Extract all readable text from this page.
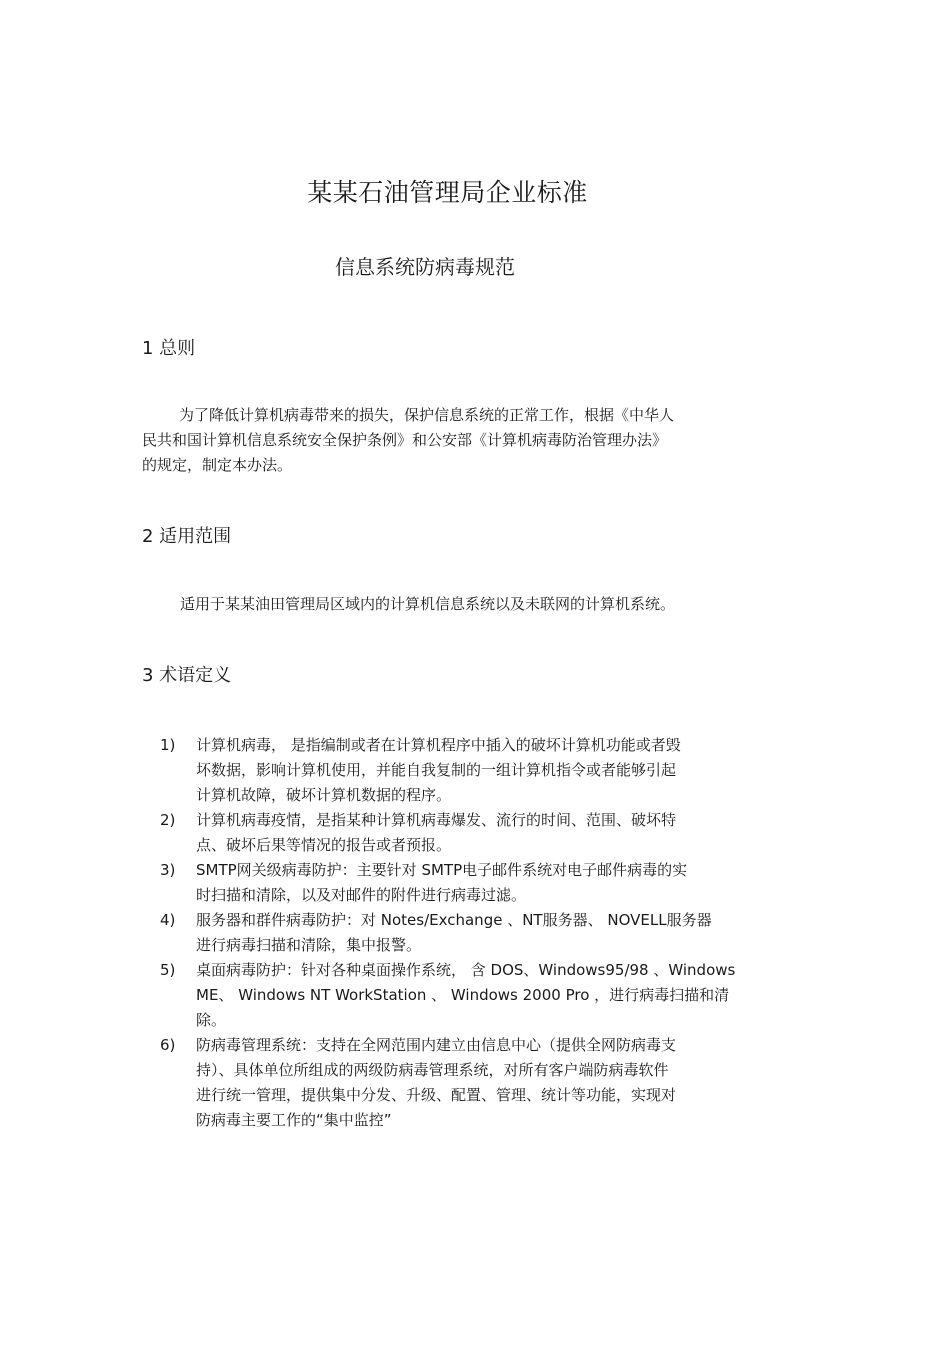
某某石油管理局企业标准
信息系统防病毒规范
1 总则
为了降低计算机病毒带来的损失，保护信息系统的正常工作，根据《中华人
民共和国计算机信息系统安全保护条例》和公安部《计算机病毒防治管理办法》
的规定，制定本办法。
2 适用范围
适用于某某油田管理局区域内的计算机信息系统以及未联网的计算机系统。
3 术语定义
1) 计算机病毒， 是指编制或者在计算机程序中插入的破坏计算机功能或者毁
坏数据，影响计算机使用，并能自我复制的一组计算机指令或者能够引起
计算机故障，破坏计算机数据的程序。
2) 计算机病毒疫情，是指某种计算机病毒爆发、流行的时间、范围、破坏特
点、破坏后果等情况的报告或者预报。
3) SMTP网关级病毒防护：主要针对 SMTP电子邮件系统对电子邮件病毒的实
时扫描和清除，以及对邮件的附件进行病毒过滤。
4) 服务器和群件病毒防护：对 Notes/Exchange 、NT服务器、 NOVELL服务器
进行病毒扫描和清除，集中报警。
5) 桌面病毒防护：针对各种桌面操作系统， 含 DOS、Windows95/98 、Windows
ME、 Windows NT WorkStation 、 Windows 2000 Pro ，进行病毒扫描和清
除。
6) 防病毒管理系统：支持在全网范围内建立由信息中心（提供全网防病毒支
持）、具体单位所组成的两级防病毒管理系统，对所有客户端防病毒软件
进行统一管理，提供集中分发、升级、配置、管理、统计等功能，实现对
防病毒主要工作的“集中监控”
